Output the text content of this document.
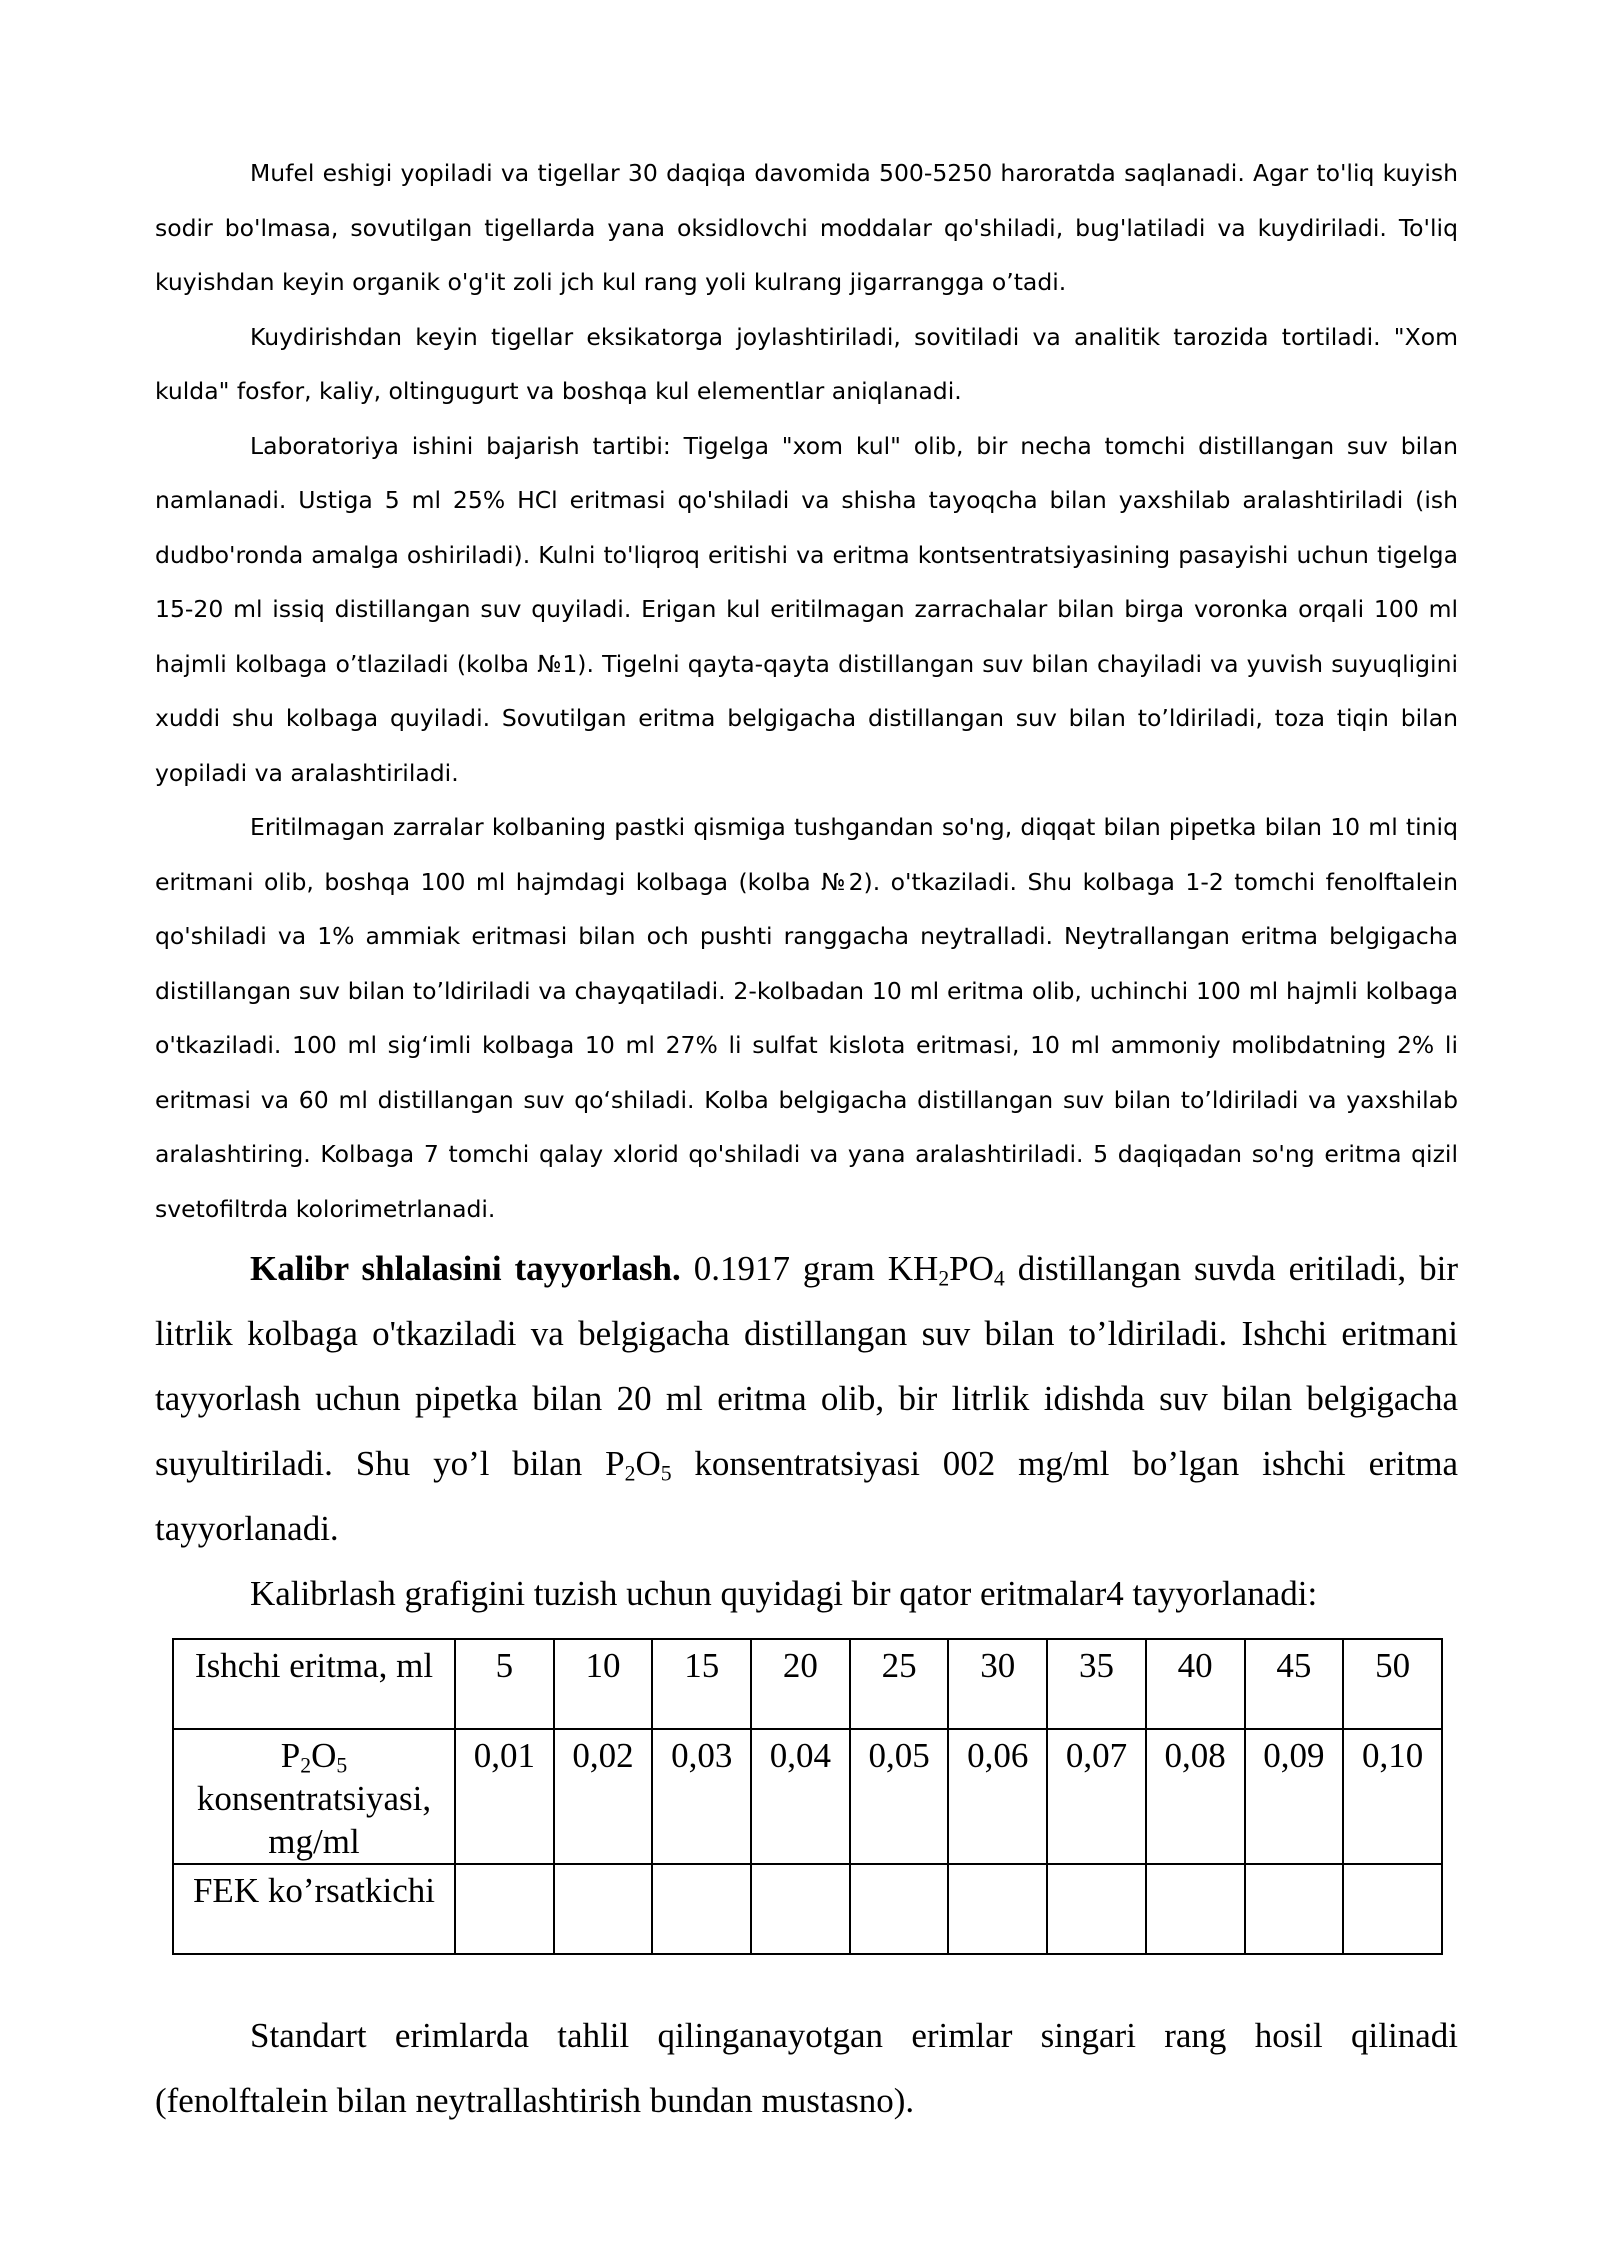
Mufel eshigi yopiladi va tigellar 30 daqiqa davomida 500-5250 haroratda saqlanadi. Agar to'liq kuyish sodir bo'lmasa, sovutilgan tigellarda yana oksidlovchi moddalar qo'shiladi, bug'latiladi va kuydiriladi. To'liq kuyishdan keyin organik o'g'it zoli jch kul rang yoli kulrang jigarrangga o’tadi.

Kuydirishdan keyin tigellar eksikatorga joylashtiriladi, sovitiladi va analitik tarozida tortiladi. "Xom kulda" fosfor, kaliy, oltingugurt va boshqa kul elementlar aniqlanadi.

Laboratoriya ishini bajarish tartibi: Tigelga "xom kul" olib, bir necha tomchi distillangan suv bilan namlanadi. Ustiga 5 ml 25% HCl eritmasi qo'shiladi va shisha tayoqcha bilan yaxshilab aralashtiriladi (ish dudbo'ronda amalga oshiriladi). Kulni to'liqroq eritishi va eritma kontsentratsiyasining pasayishi uchun tigelga 15-20 ml issiq distillangan suv quyiladi. Erigan kul eritilmagan zarrachalar bilan birga voronka orqali 100 ml hajmli kolbaga o’tlaziladi (kolba №1). Tigelni qayta-qayta distillangan suv bilan chayiladi va yuvish suyuqligini xuddi shu kolbaga quyiladi. Sovutilgan eritma belgigacha distillangan suv bilan to’ldiriladi, toza tiqin bilan yopiladi va aralashtiriladi.

Eritilmagan zarralar kolbaning pastki qismiga tushgandan so'ng, diqqat bilan pipetka bilan 10 ml tiniq eritmani olib, boshqa 100 ml hajmdagi kolbaga (kolba №2). o'tkaziladi. Shu kolbaga 1-2 tomchi fenolftalein qo'shiladi va 1% ammiak eritmasi bilan och pushti ranggacha neytralladi. Neytrallangan eritma belgigacha distillangan suv bilan to’ldiriladi va chayqatiladi. 2-kolbadan 10 ml eritma olib, uchinchi 100 ml hajmli kolbaga o'tkaziladi. 100 ml sig‘imli kolbaga 10 ml 27% li sulfat kislota eritmasi, 10 ml ammoniy molibdatning 2% li eritmasi va 60 ml distillangan suv qo‘shiladi. Kolba belgigacha distillangan suv bilan to’ldiriladi va yaxshilab aralashtiring. Kolbaga 7 tomchi qalay xlorid qo'shiladi va yana aralashtiriladi. 5 daqiqadan so'ng eritma qizil svetofiltrda kolorimetrlanadi.

Kalibr shlalasini tayyorlash. 0.1917 gram $KH_2PO_4$ distillangan suvda eritiladi, bir litrlik kolbaga o'tkaziladi va belgigacha distillangan suv bilan to’ldiriladi. Ishchi eritmani tayyorlash uchun pipetka bilan 20 ml eritma olib, bir litrlik idishda suv bilan belgigacha suyultiriladi. Shu yo’l bilan $P_2O_5$ konsentratsiyasi 002 mg/ml bo’lgan ishchi eritma tayyorlanadi.

Kalibrlash grafigini tuzish uchun quyidagi bir qator eritmalar4 tayyorlanadi:

Ishchi eritma, ml	5	10	15	20	25	30	35	40	45	50
$P_2O_5$ konsentratsiyasi, mg/ml	0,01	0,02	0,03	0,04	0,05	0,06	0,07	0,08	0,09	0,10
FEK ko’rsatkichi										

Standart erimlarda tahlil qilinganayotgan erimlar singari rang hosil qilinadi (fenolftalein bilan neytrallashtirish bundan mustasno).
